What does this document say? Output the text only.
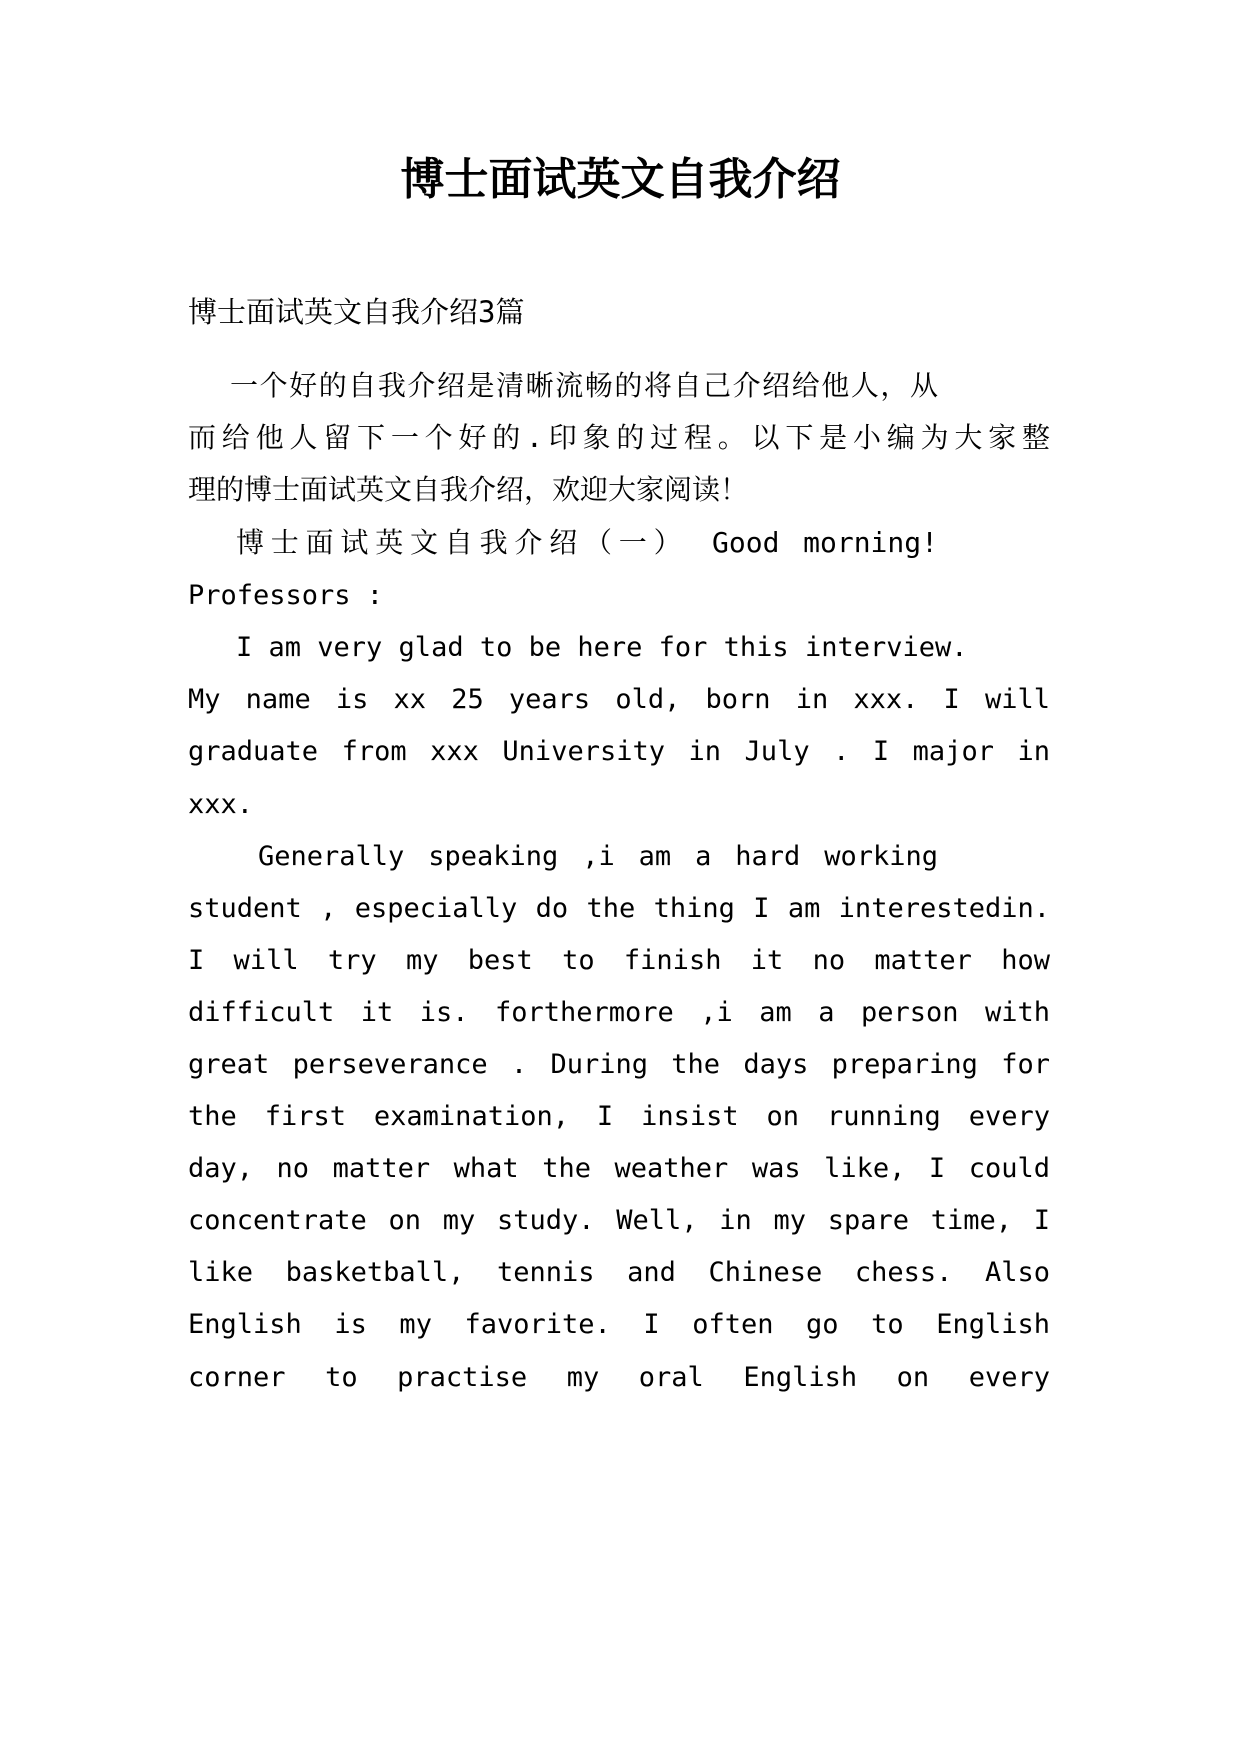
博士面试英文自我介绍

博士面试英文自我介绍3篇

一个好的自我介绍是清晰流畅的将自己介绍给他人，从

而给他人留下一个好的.印象的过程。以下是小编为大家整

理的博士面试英文自我介绍，欢迎大家阅读！

博士面试英文自我介绍（一） Good morning!

Professors :

I am very glad to be here for this interview.

My name is xx 25 years old, born in xxx. I will

graduate from xxx University in July . I major in

xxx.

Generally speaking ,i am a hard working

student , especially do the thing I am interestedin.

I will try my best to finish it no matter how

difficult it is. forthermore ,i am a person with

great perseverance . During the days preparing for

the first examination, I insist on running every

day, no matter what the weather was like, I could

concentrate on my study. Well, in my spare time, I

like basketball, tennis and Chinese chess. Also

English is my favorite. I often go to English

corner to practise my oral English on every
